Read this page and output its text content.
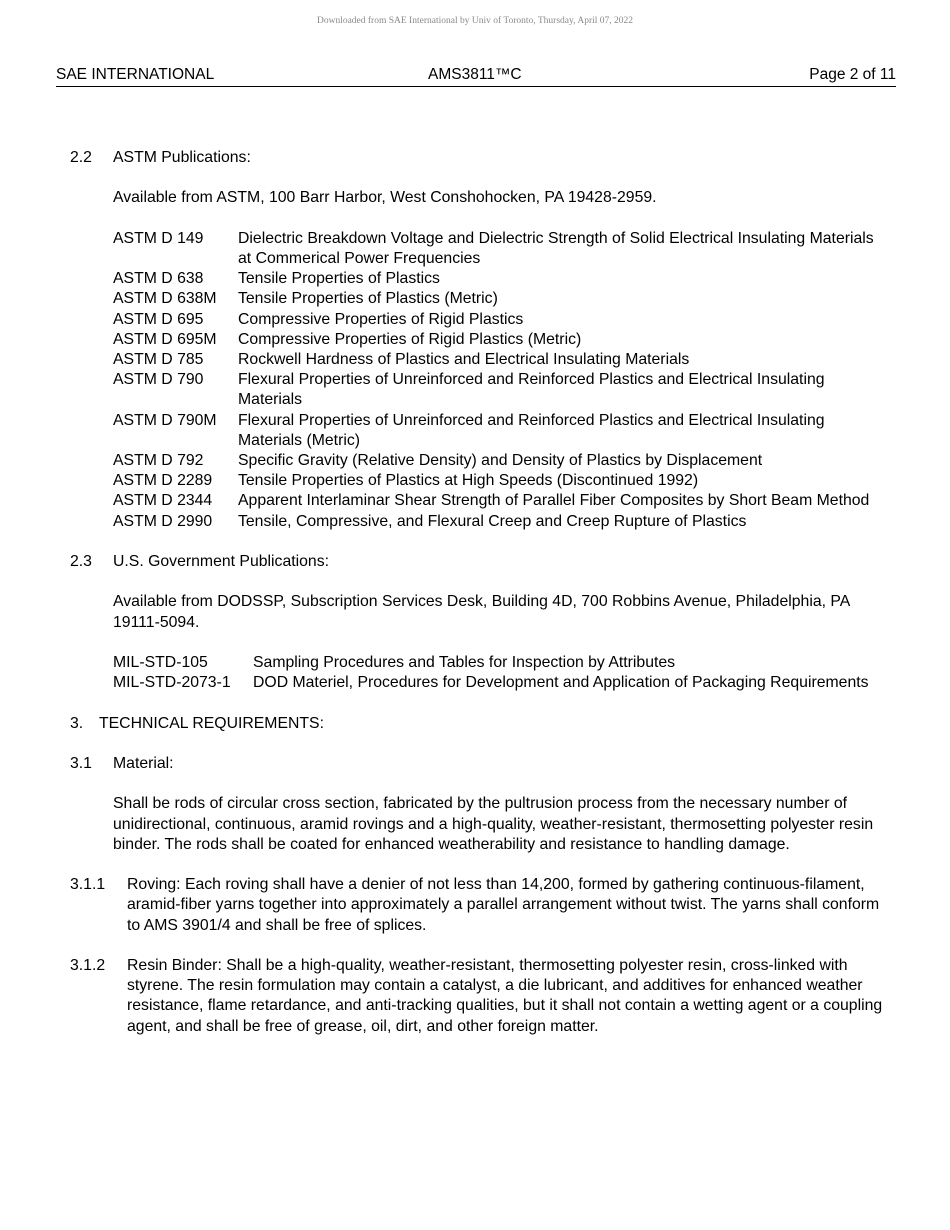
Downloaded from SAE International by Univ of Toronto, Thursday, April 07, 2022
SAE INTERNATIONAL	AMS3811™C	Page 2 of 11
2.2	ASTM Publications:
Available from ASTM, 100 Barr Harbor, West Conshohocken, PA 19428-2959.
ASTM D 149	Dielectric Breakdown Voltage and Dielectric Strength of Solid Electrical Insulating Materials at Commerical Power Frequencies
ASTM D 638	Tensile Properties of Plastics
ASTM D 638M	Tensile Properties of Plastics (Metric)
ASTM D 695	Compressive Properties of Rigid Plastics
ASTM D 695M	Compressive Properties of Rigid Plastics (Metric)
ASTM D 785	Rockwell Hardness of Plastics and Electrical Insulating Materials
ASTM D 790	Flexural Properties of Unreinforced and Reinforced Plastics and Electrical Insulating Materials
ASTM D 790M	Flexural Properties of Unreinforced and Reinforced Plastics and Electrical Insulating Materials (Metric)
ASTM D 792	Specific Gravity (Relative Density) and Density of Plastics by Displacement
ASTM D 2289	Tensile Properties of Plastics at High Speeds (Discontinued 1992)
ASTM D 2344	Apparent Interlaminar Shear Strength of Parallel Fiber Composites by Short Beam Method
ASTM D 2990	Tensile, Compressive, and Flexural Creep and Creep Rupture of Plastics
2.3	U.S. Government Publications:
Available from DODSSP, Subscription Services Desk, Building 4D, 700 Robbins Avenue, Philadelphia, PA 19111-5094.
MIL-STD-105	Sampling Procedures and Tables for Inspection by Attributes
MIL-STD-2073-1	DOD Materiel, Procedures for Development and Application of Packaging Requirements
3.	TECHNICAL REQUIREMENTS:
3.1	Material:
Shall be rods of circular cross section, fabricated by the pultrusion process from the necessary number of unidirectional, continuous, aramid rovings and a high-quality, weather-resistant, thermosetting polyester resin binder. The rods shall be coated for enhanced weatherability and resistance to handling damage.
3.1.1	Roving: Each roving shall have a denier of not less than 14,200, formed by gathering continuous-filament, aramid-fiber yarns together into approximately a parallel arrangement without twist. The yarns shall conform to AMS 3901/4 and shall be free of splices.
3.1.2	Resin Binder: Shall be a high-quality, weather-resistant, thermosetting polyester resin, cross-linked with styrene. The resin formulation may contain a catalyst, a die lubricant, and additives for enhanced weather resistance, flame retardance, and anti-tracking qualities, but it shall not contain a wetting agent or a coupling agent, and shall be free of grease, oil, dirt, and other foreign matter.
